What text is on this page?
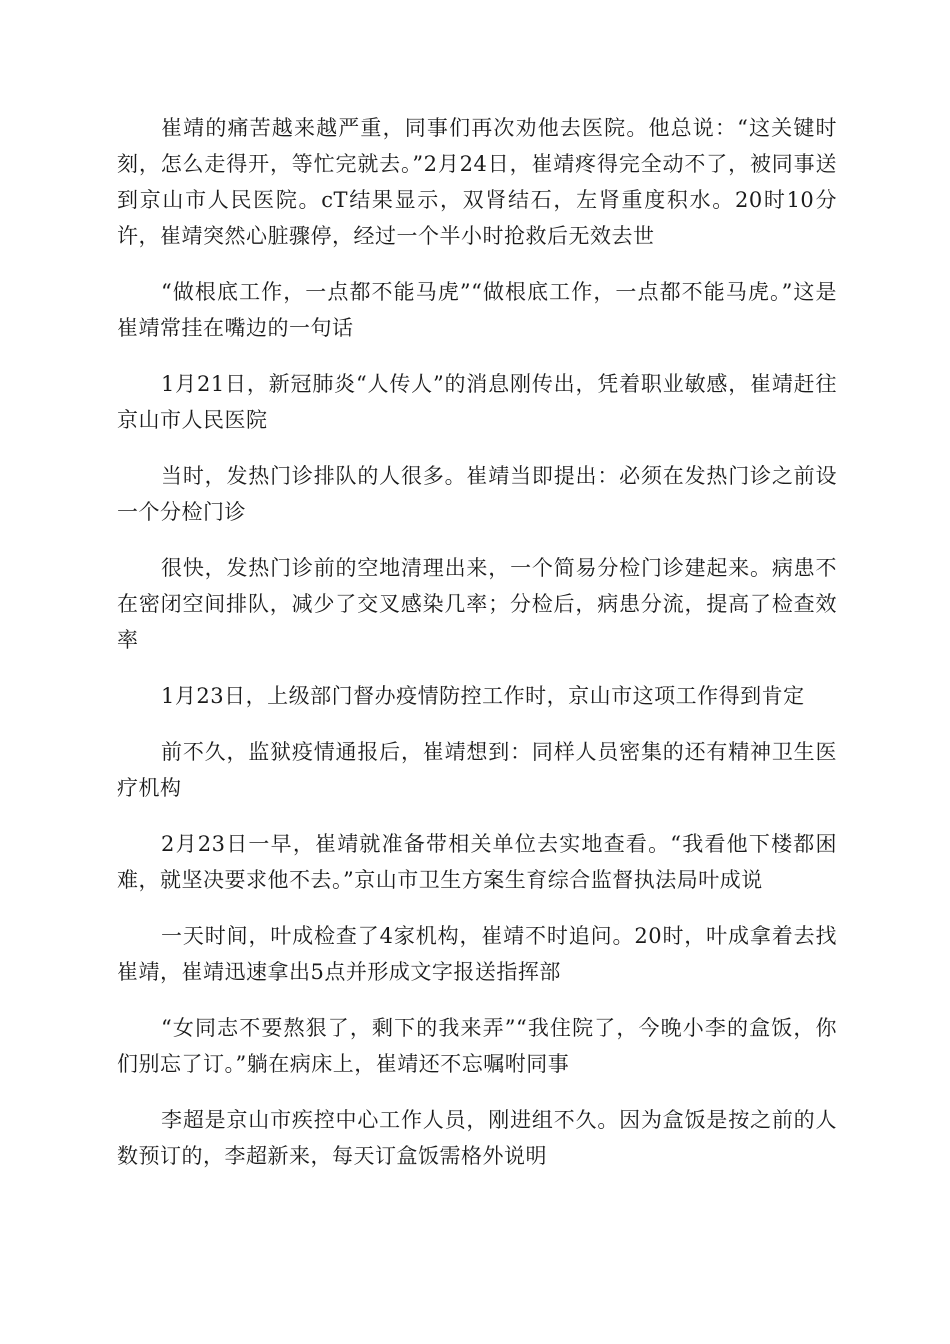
崔靖的痛苦越来越严重，同事们再次劝他去医院。他总说：“这关键时刻，怎么走得开，等忙完就去。”2月24日，崔靖疼得完全动不了，被同事送到京山市人民医院。cT结果显示，双肾结石，左肾重度积水。20时10分许，崔靖突然心脏骤停，经过一个半小时抢救后无效去世

“做根底工作，一点都不能马虎”“做根底工作，一点都不能马虎。”这是崔靖常挂在嘴边的一句话

1月21日，新冠肺炎“人传人”的消息刚传出，凭着职业敏感，崔靖赶往京山市人民医院

当时，发热门诊排队的人很多。崔靖当即提出：必须在发热门诊之前设一个分检门诊

很快，发热门诊前的空地清理出来，一个简易分检门诊建起来。病患不在密闭空间排队，减少了交叉感染几率；分检后，病患分流，提高了检查效率

1月23日，上级部门督办疫情防控工作时，京山市这项工作得到肯定

前不久，监狱疫情通报后，崔靖想到：同样人员密集的还有精神卫生医疗机构

2月23日一早，崔靖就准备带相关单位去实地查看。“我看他下楼都困难，就坚决要求他不去。”京山市卫生方案生育综合监督执法局叶成说

一天时间，叶成检查了4家机构，崔靖不时追问。20时，叶成拿着去找崔靖，崔靖迅速拿出5点并形成文字报送指挥部

“女同志不要熬狠了，剩下的我来弄”“我住院了，今晚小李的盒饭，你们别忘了订。”躺在病床上，崔靖还不忘嘱咐同事

李超是京山市疾控中心工作人员，刚进组不久。因为盒饭是按之前的人数预订的，李超新来，每天订盒饭需格外说明
